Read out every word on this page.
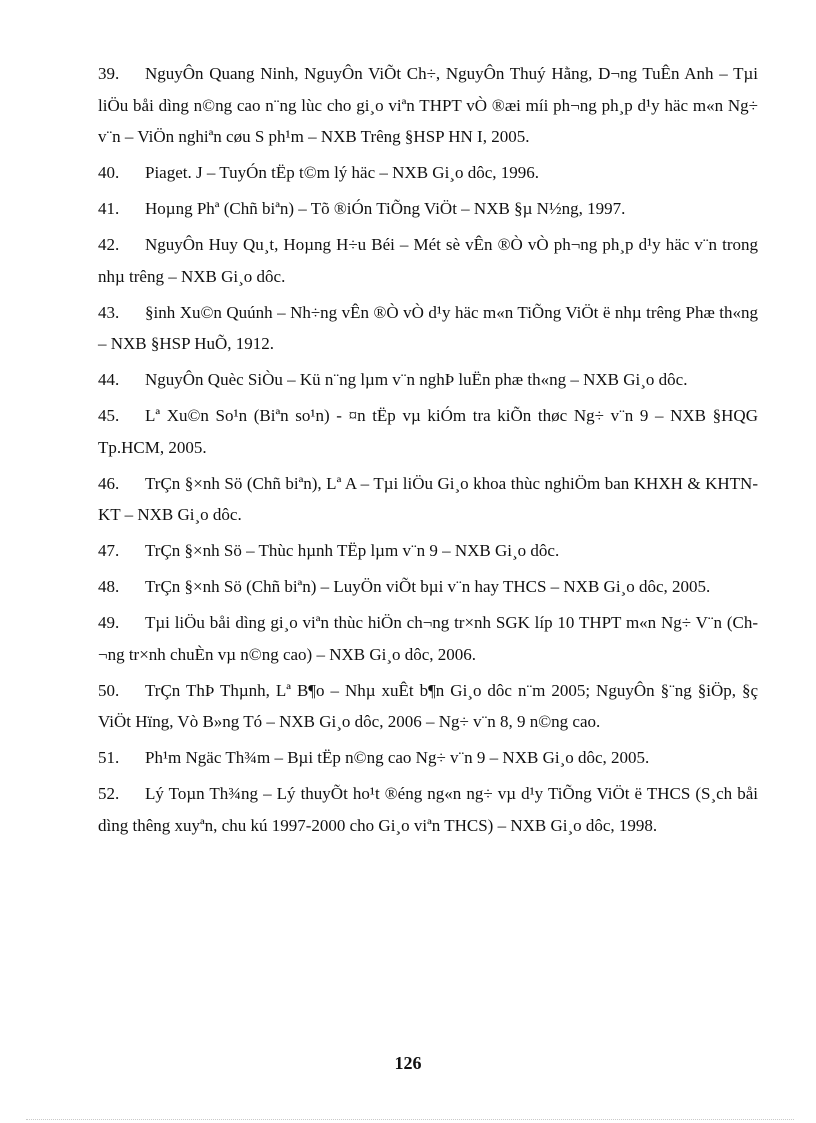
39. NguyÔn Quang Ninh, NguyÔn ViÕt Ch÷, NguyÔn Thuý Hằng, D¬ng TuÊn Anh – Tµi liÖu båi dìng n©ng cao n¨ng lùc cho gi¸o viªn THPT vÒ ®æi míi ph¬ng ph¸p d¹y häc m«n Ng÷ v¨n – ViÖn nghiªn cøu S ph¹m – NXB Trêng §HSP HN I, 2005.

40. Piaget. J – TuyÓn tËp t©m lý häc – NXB Gi¸o dôc, 1996.

41. Hoµng Phª (Chñ biªn) – Tõ ®iÓn TiÕng ViÖt – NXB §µ N½ng, 1997.

42. NguyÔn Huy Qu¸t, Hoµng H÷u Béi – Mét sè vÊn ®Ò vÒ ph¬ng ph¸p d¹y häc v¨n trong nhµ trêng – NXB Gi¸o dôc.

43. §inh Xu©n Quúnh – Nh÷ng vÊn ®Ò vÒ d¹y häc m«n TiÕng ViÖt ë nhµ trêng Phæ th«ng – NXB §HSP HuÕ, 1912.

44. NguyÔn Quèc SiÒu – Kü n¨ng lµm v¨n nghÞ luËn phæ th«ng – NXB Gi¸o dôc.

45. Lª Xu©n So¹n (Biªn so¹n) - ¤n tËp vµ kiÓm tra kiÕn thøc Ng÷ v¨n 9 – NXB §HQG Tp.HCM, 2005.

46. TrÇn §×nh Sö (Chñ biªn), Lª A – Tµi liÖu Gi¸o khoa thùc nghiÖm ban KHXH & KHTN-KT – NXB Gi¸o dôc.

47. TrÇn §×nh Sö – Thùc hµnh TËp lµm v¨n 9 – NXB Gi¸o dôc.

48. TrÇn §×nh Sö (Chñ biªn) – LuyÖn viÕt bµi v¨n hay THCS – NXB Gi¸o dôc, 2005.

49. Tµi liÖu båi dìng gi¸o viªn thùc hiÖn ch¬ng tr×nh SGK líp 10 THPT m«n Ng÷ V¨n (Ch¬ng tr×nh chuÈn vµ n©ng cao) – NXB Gi¸o dôc, 2006.

50. TrÇn ThÞ Thµnh, Lª B¶o – Nhµ xuÊt b¶n Gi¸o dôc n¨m 2005; NguyÔn §¨ng §iÖp, §ç ViÖt Hïng, Vò B»ng Tó – NXB Gi¸o dôc, 2006 – Ng÷ v¨n 8, 9 n©ng cao.

51. Ph¹m Ngäc Th¾m – Bµi tËp n©ng cao Ng÷ v¨n 9 – NXB Gi¸o dôc, 2005.

52. Lý Toµn Th¾ng – Lý thuyÕt ho¹t ®éng ng«n ng÷ vµ d¹y TiÕng ViÖt ë THCS (S¸ch båi dìng thêng xuyªn, chu kú 1997-2000 cho Gi¸o viªn THCS) – NXB Gi¸o dôc, 1998.

126
